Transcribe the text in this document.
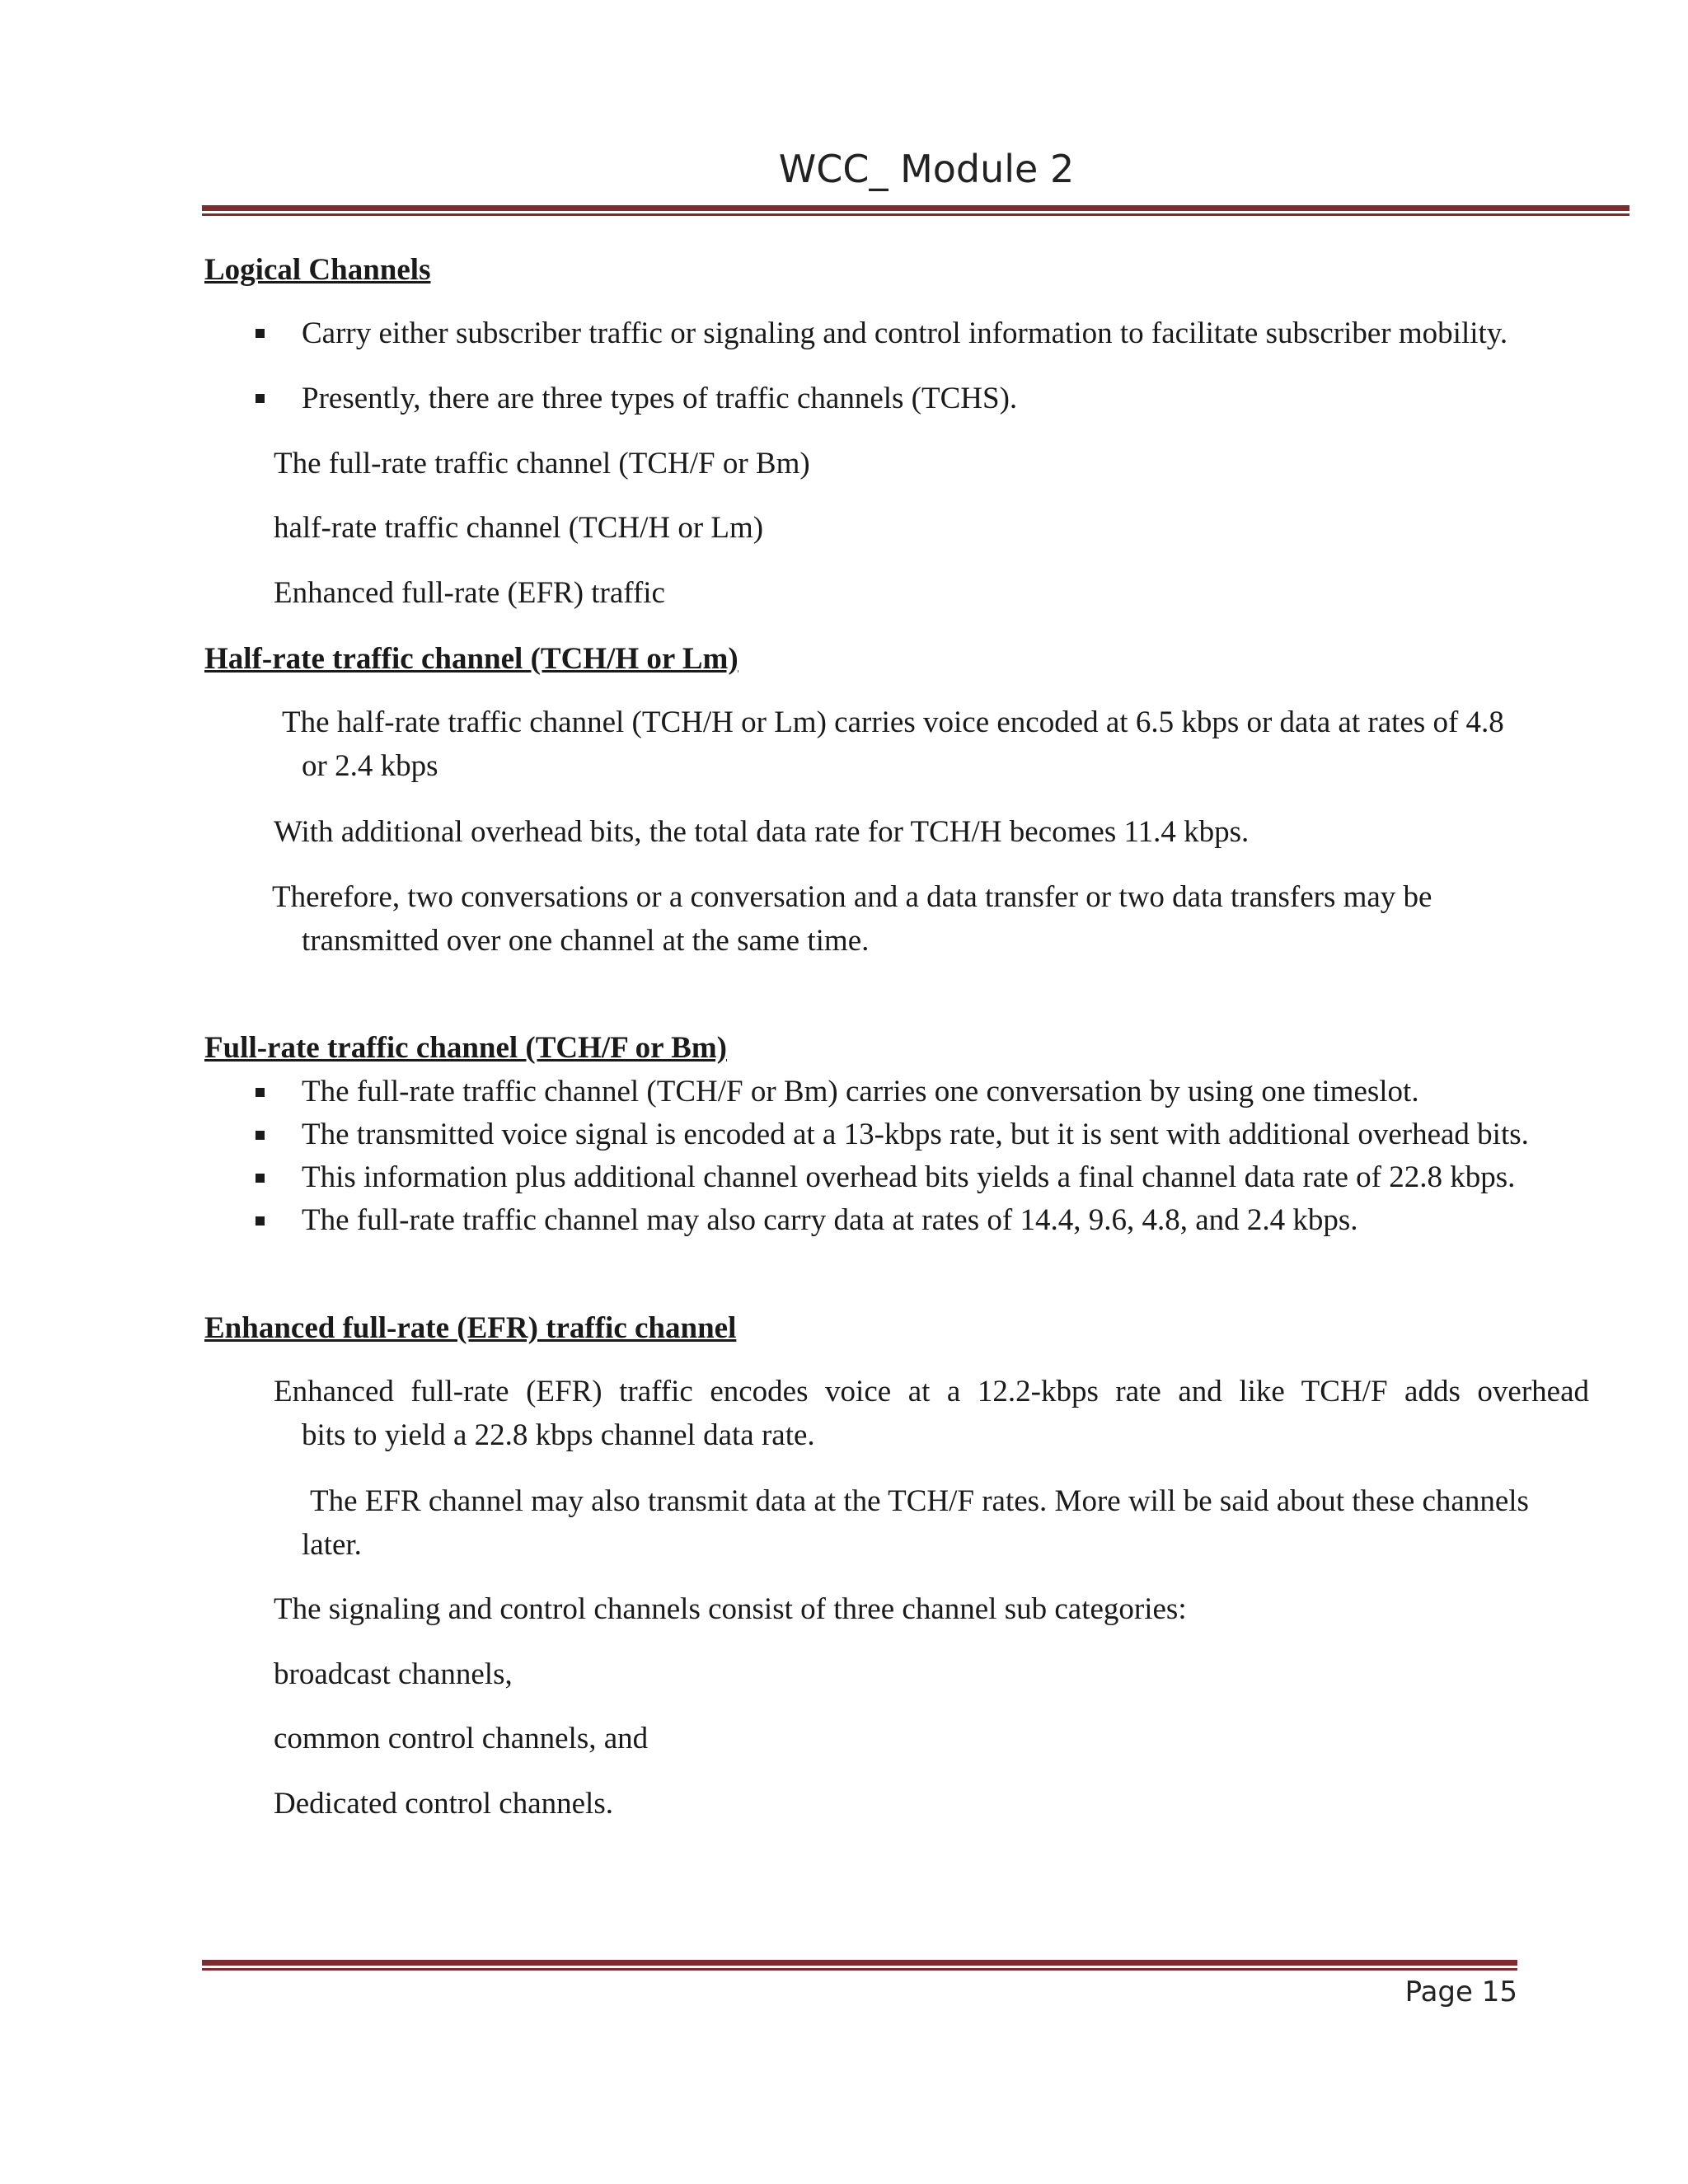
WCC_ Module 2
Logical Channels
Carry either subscriber traffic or signaling and control information to facilitate subscriber mobility.
Presently, there are three types of traffic channels (TCHS).
The full-rate traffic channel (TCH/F or Bm)
half-rate traffic channel (TCH/H or Lm)
Enhanced full-rate (EFR) traffic
Half-rate traffic channel (TCH/H or Lm)
The half-rate traffic channel (TCH/H or Lm) carries voice encoded at 6.5 kbps or data at rates of 4.8
or 2.4 kbps
With additional overhead bits, the total data rate for TCH/H becomes 11.4 kbps.
Therefore, two conversations or a conversation and a data transfer or two data transfers may be
transmitted over one channel at the same time.
Full-rate traffic channel (TCH/F or Bm)
The full-rate traffic channel (TCH/F or Bm) carries one conversation by using one timeslot.
The transmitted voice signal is encoded at a 13-kbps rate, but it is sent with additional overhead bits.
This information plus additional channel overhead bits yields a final channel data rate of 22.8 kbps.
The full-rate traffic channel may also carry data at rates of 14.4, 9.6, 4.8, and 2.4 kbps.
Enhanced full-rate (EFR) traffic channel
Enhanced full-rate (EFR) traffic encodes voice at a 12.2-kbps rate and like TCH/F adds overhead
bits to yield a 22.8 kbps channel data rate.
The EFR channel may also transmit data at the TCH/F rates. More will be said about these channels
later.
The signaling and control channels consist of three channel sub categories:
broadcast channels,
common control channels, and
Dedicated control channels.
Page 15
